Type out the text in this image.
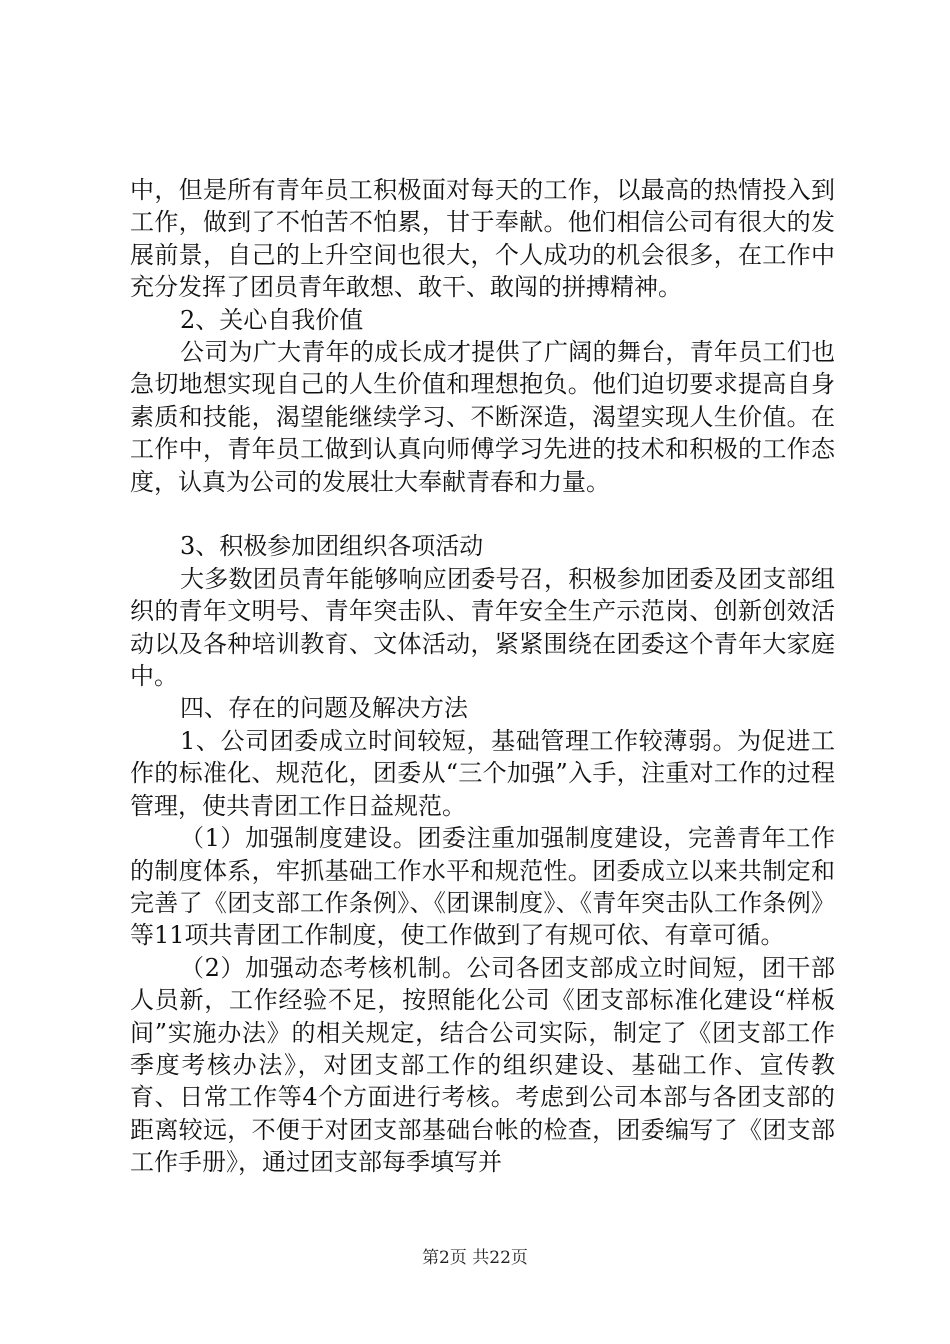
中，但是所有青年员工积极面对每天的工作，以最高的热情投入到工作，做到了不怕苦不怕累，甘于奉献。他们相信公司有很大的发展前景，自己的上升空间也很大，个人成功的机会很多，在工作中充分发挥了团员青年敢想、敢干、敢闯的拼搏精神。

2、关心自我价值

公司为广大青年的成长成才提供了广阔的舞台，青年员工们也急切地想实现自己的人生价值和理想抱负。他们迫切要求提高自身素质和技能，渴望能继续学习、不断深造，渴望实现人生价值。在工作中，青年员工做到认真向师傅学习先进的技术和积极的工作态度，认真为公司的发展壮大奉献青春和力量。

3、积极参加团组织各项活动

大多数团员青年能够响应团委号召，积极参加团委及团支部组织的青年文明号、青年突击队、青年安全生产示范岗、创新创效活动以及各种培训教育、文体活动，紧紧围绕在团委这个青年大家庭中。

四、存在的问题及解决方法

1、公司团委成立时间较短，基础管理工作较薄弱。为促进工作的标准化、规范化，团委从“三个加强”入手，注重对工作的过程管理，使共青团工作日益规范。

（1）加强制度建设。团委注重加强制度建设，完善青年工作的制度体系，牢抓基础工作水平和规范性。团委成立以来共制定和完善了《团支部工作条例》、《团课制度》、《青年突击队工作条例》等11项共青团工作制度，使工作做到了有规可依、有章可循。

（2）加强动态考核机制。公司各团支部成立时间短，团干部人员新，工作经验不足，按照能化公司《团支部标准化建设“样板间”实施办法》的相关规定，结合公司实际，制定了《团支部工作季度考核办法》，对团支部工作的组织建设、基础工作、宣传教育、日常工作等4个方面进行考核。考虑到公司本部与各团支部的距离较远，不便于对团支部基础台帐的检查，团委编写了《团支部工作手册》，通过团支部每季填写并

第2页 共22页
